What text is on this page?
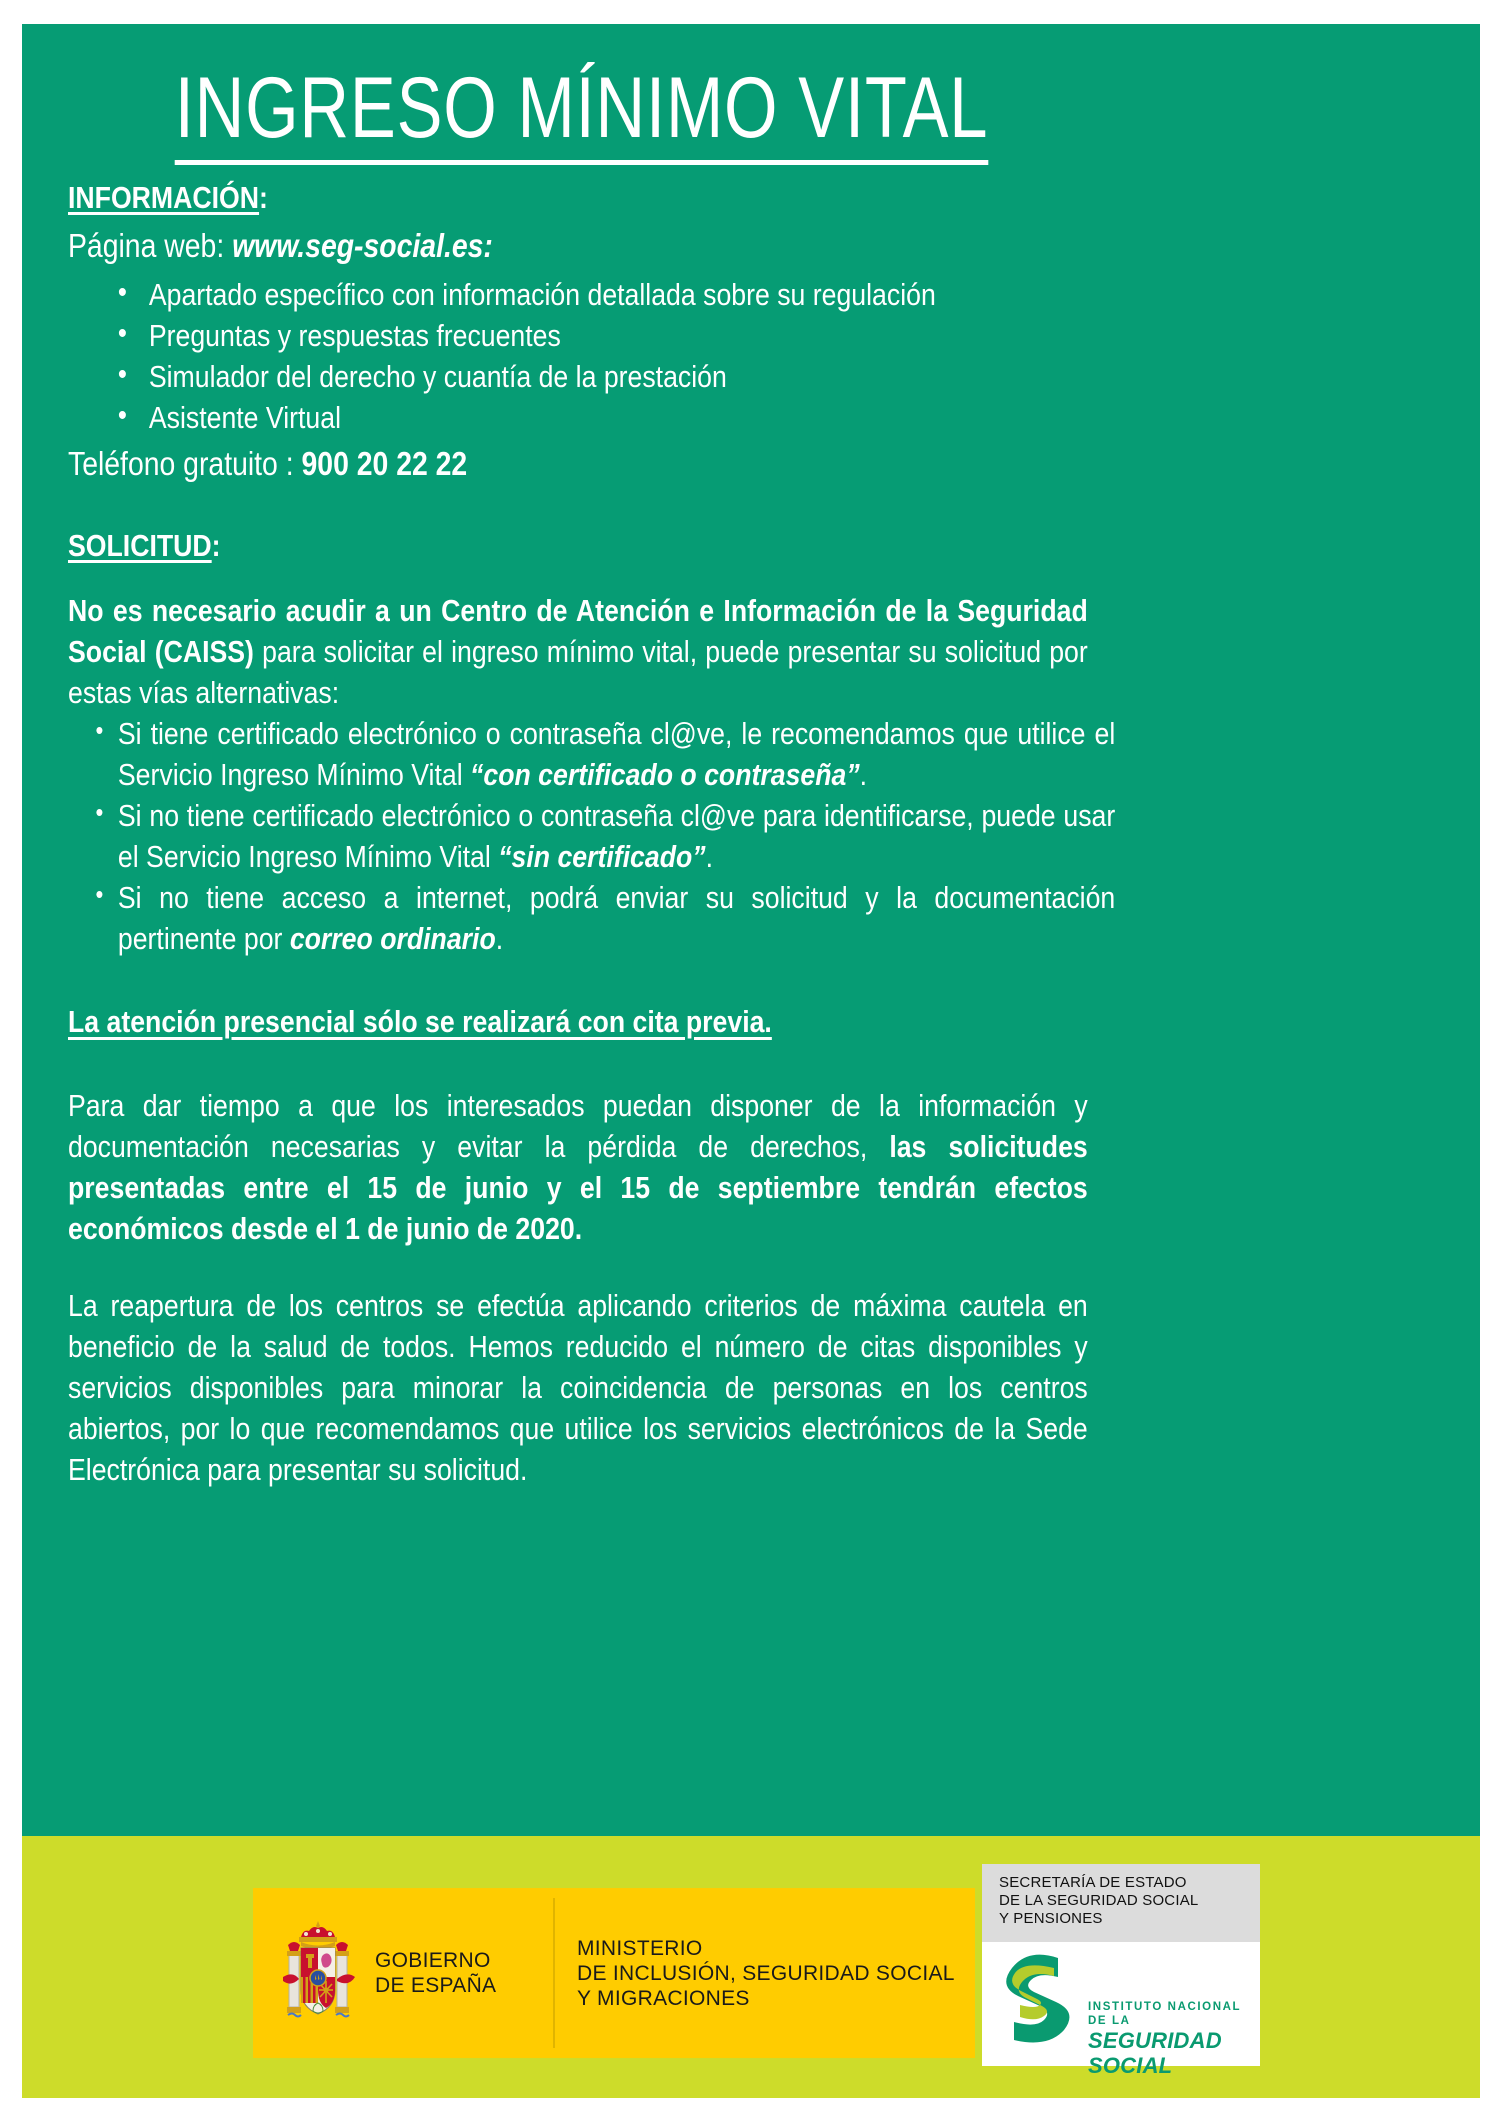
INGRESO MÍNIMO VITAL
INFORMACIÓN:
Página web: www.seg-social.es:
• Apartado específico con información detallada sobre su regulación
• Preguntas y respuestas frecuentes
• Simulador del derecho y cuantía de la prestación
• Asistente Virtual
Teléfono gratuito : 900 20 22 22
SOLICITUD:

No es necesario acudir a un Centro de Atención e Información de la Seguridad Social (CAISS) para solicitar el ingreso mínimo vital, puede presentar su solicitud por estas vías alternativas:

• Si tiene certificado electrónico o contraseña cl@ve, le recomendamos que utilice el Servicio Ingreso Mínimo Vital “con certificado o contraseña”.
• Si no tiene certificado electrónico o contraseña cl@ve para identificarse, puede usar el Servicio Ingreso Mínimo Vital “sin certificado”.
• Si no tiene acceso a internet, podrá enviar su solicitud y la documentación pertinente por correo ordinario.
La atención presencial sólo se realizará con cita previa.

Para dar tiempo a que los interesados puedan disponer de la información y documentación necesarias y evitar la pérdida de derechos, las solicitudes presentadas entre el 15 de junio y el 15 de septiembre tendrán efectos económicos desde el 1 de junio de 2020.

La reapertura de los centros se efectúa aplicando criterios de máxima cautela en beneficio de la salud de todos. Hemos reducido el número de citas disponibles y servicios disponibles para minorar la coincidencia de personas en los centros abiertos, por lo que recomendamos que utilice los servicios electrónicos de la Sede Electrónica para presentar su solicitud.

GOBIERNO
DE ESPAÑA
MINISTERIO
DE INCLUSIÓN, SEGURIDAD SOCIAL
Y MIGRACIONES
SECRETARÍA DE ESTADO
DE LA SEGURIDAD SOCIAL
Y PENSIONES
INSTITUTO NACIONAL DE LA
SEGURIDAD SOCIAL
